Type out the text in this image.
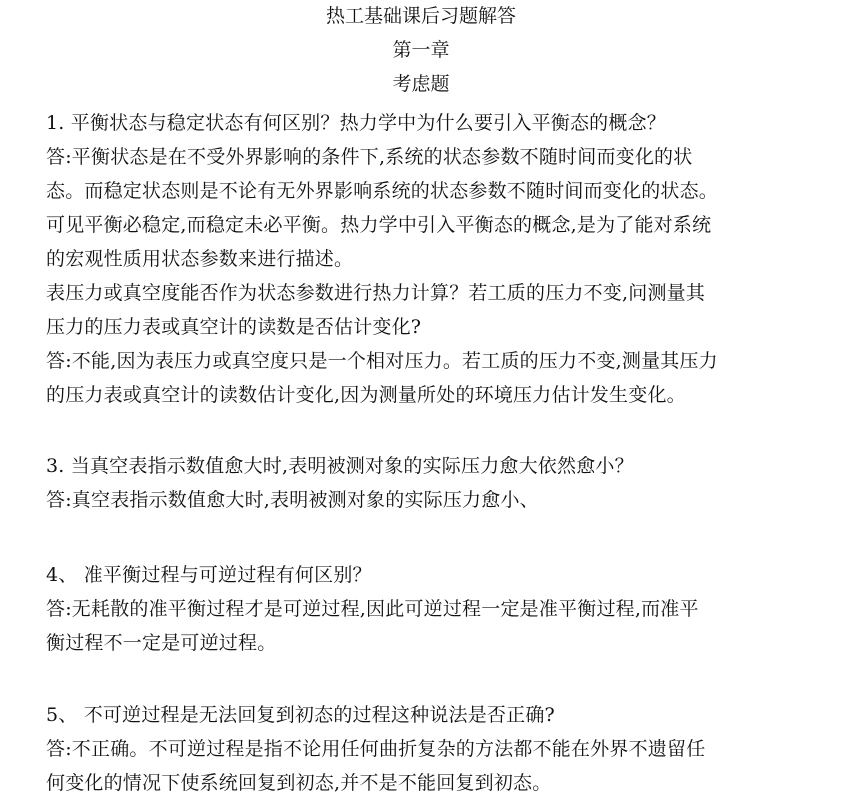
热工基础课后习题解答
第一章
考虑题
1. 平衡状态与稳定状态有何区别？热力学中为什么要引入平衡态的概念？
答:平衡状态是在不受外界影响的条件下,系统的状态参数不随时间而变化的状
态。而稳定状态则是不论有无外界影响系统的状态参数不随时间而变化的状态。
可见平衡必稳定,而稳定未必平衡。热力学中引入平衡态的概念,是为了能对系统
的宏观性质用状态参数来进行描述。
表压力或真空度能否作为状态参数进行热力计算？若工质的压力不变,问测量其
压力的压力表或真空计的读数是否估计变化?
答:不能,因为表压力或真空度只是一个相对压力。若工质的压力不变,测量其压力
的压力表或真空计的读数估计变化,因为测量所处的环境压力估计发生变化。
3. 当真空表指示数值愈大时,表明被测对象的实际压力愈大依然愈小？
答:真空表指示数值愈大时,表明被测对象的实际压力愈小、
4、 准平衡过程与可逆过程有何区别？
答:无耗散的准平衡过程才是可逆过程,因此可逆过程一定是准平衡过程,而准平
衡过程不一定是可逆过程。
5、 不可逆过程是无法回复到初态的过程这种说法是否正确?
答:不正确。不可逆过程是指不论用任何曲折复杂的方法都不能在外界不遗留任
何变化的情况下使系统回复到初态,并不是不能回复到初态。
